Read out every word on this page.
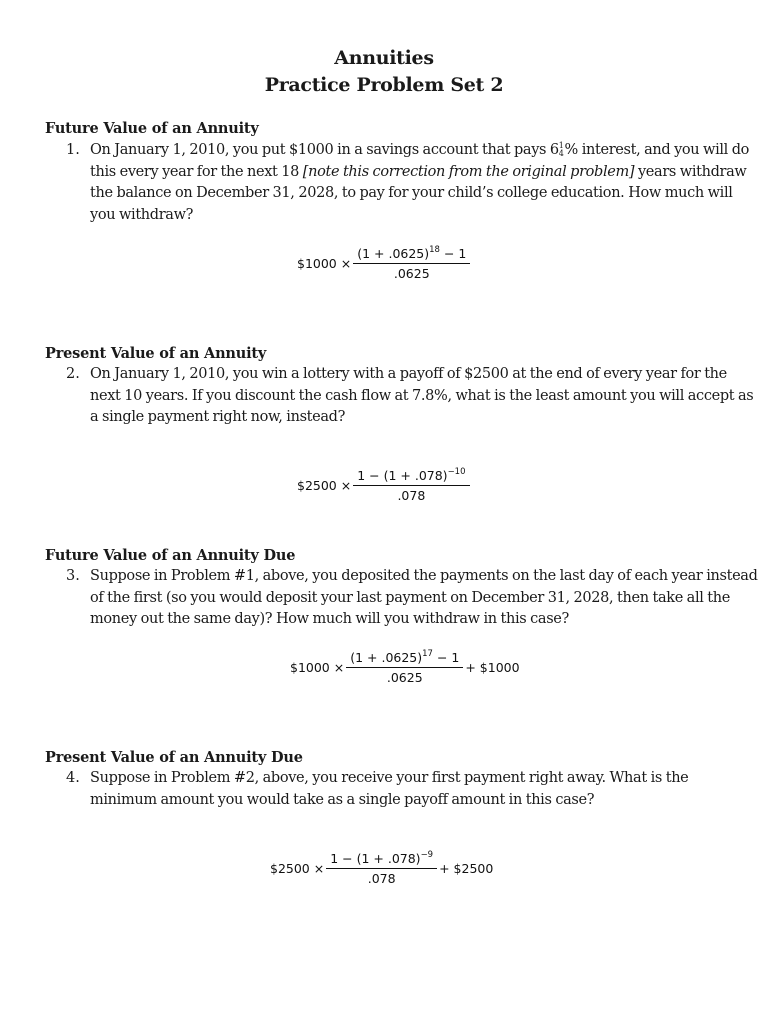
Annuities
Practice Problem Set 2
Future Value of an Annuity
1. On January 1, 2010, you put $1000 in a savings account that pays 6 1
4 % interest, and you will do
this every year for the next 18 [note this correction from the original problem] years withdraw
the balance on December 31, 2028, to pay for your child’s college education. How much will
you withdraw?
$1000 × $\frac{(1 + .0625)^{18} - 1}{.0625}$
Present Value of an Annuity
2. On January 1, 2010, you win a lottery with a payoff of $2500 at the end of every year for the
next 10 years. If you discount the cash flow at 7.8%, what is the least amount you will accept as
a single payment right now, instead?
$2500 × $\frac{1 - (1 + .078)^{-10}}{.078}$
Future Value of an Annuity Due
3. Suppose in Problem #1, above, you deposited the payments on the last day of each year instead
of the first (so you would deposit your last payment on December 31, 2028, then take all the
money out the same day)? How much will you withdraw in this case?
$1000 × $\frac{(1 + .0625)^{17} - 1}{.0625}$ + $1000
Present Value of an Annuity Due
4. Suppose in Problem #2, above, you receive your first payment right away. What is the
minimum amount you would take as a single payoff amount in this case?
$2500 × $\frac{1 - (1 + .078)^{-9}}{.078}$ + $2500
